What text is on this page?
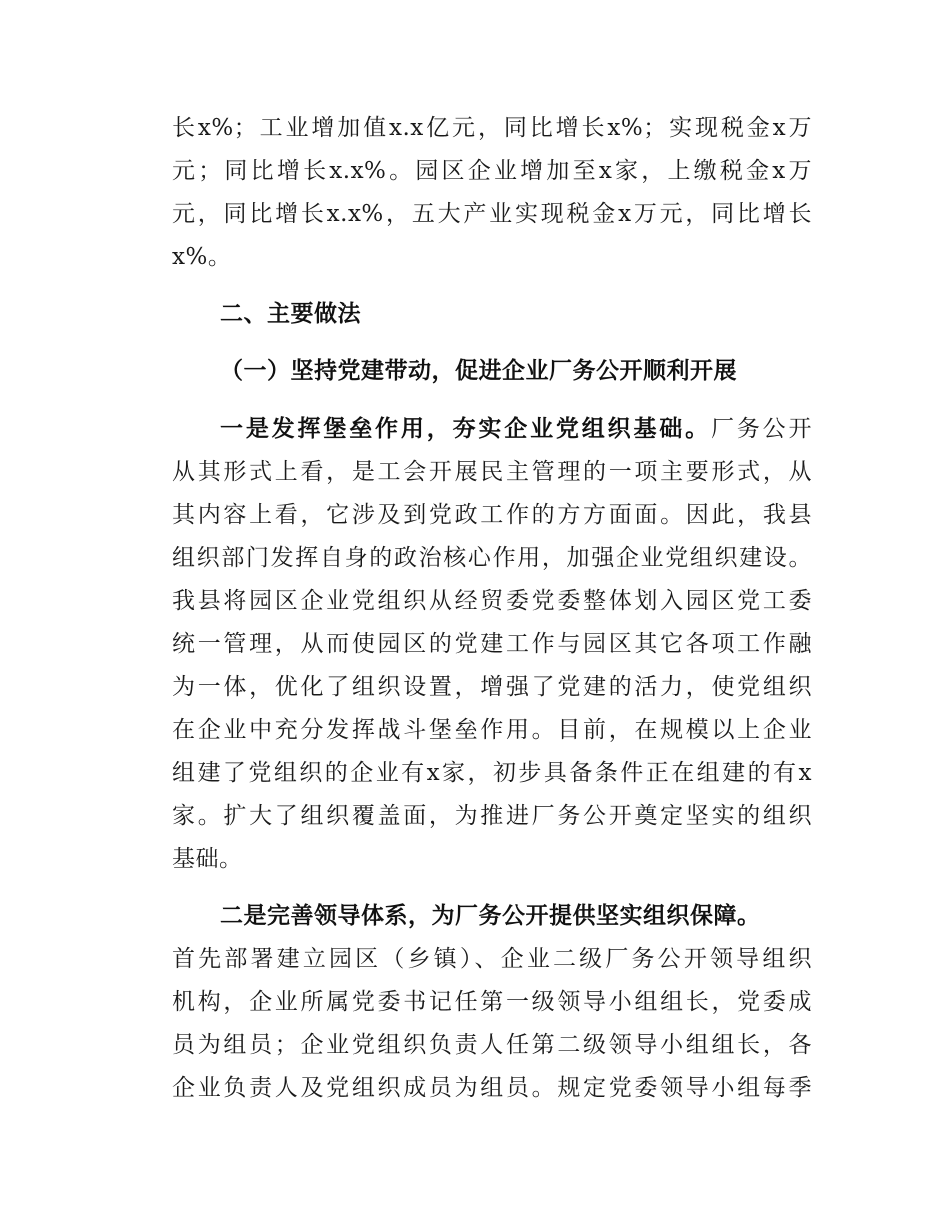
长x%；工业增加值x.x亿元，同比增长x%；实现税金x万
元；同比增长x.x%。园区企业增加至x家，上缴税金x万
元，同比增长x.x%，五大产业实现税金x万元，同比增长
x%。
二、主要做法
（一）坚持党建带动，促进企业厂务公开顺利开展
一是发挥堡垒作用，夯实企业党组织基础。厂务公开
从其形式上看，是工会开展民主管理的一项主要形式，从
其内容上看，它涉及到党政工作的方方面面。因此，我县
组织部门发挥自身的政治核心作用，加强企业党组织建设。
我县将园区企业党组织从经贸委党委整体划入园区党工委
统一管理，从而使园区的党建工作与园区其它各项工作融
为一体，优化了组织设置，增强了党建的活力，使党组织
在企业中充分发挥战斗堡垒作用。目前，在规模以上企业
组建了党组织的企业有x家，初步具备条件正在组建的有x
家。扩大了组织覆盖面，为推进厂务公开奠定坚实的组织
基础。
二是完善领导体系，为厂务公开提供坚实组织保障。
首先部署建立园区（乡镇）、企业二级厂务公开领导组织
机构，企业所属党委书记任第一级领导小组组长，党委成
员为组员；企业党组织负责人任第二级领导小组组长，各
企业负责人及党组织成员为组员。规定党委领导小组每季
